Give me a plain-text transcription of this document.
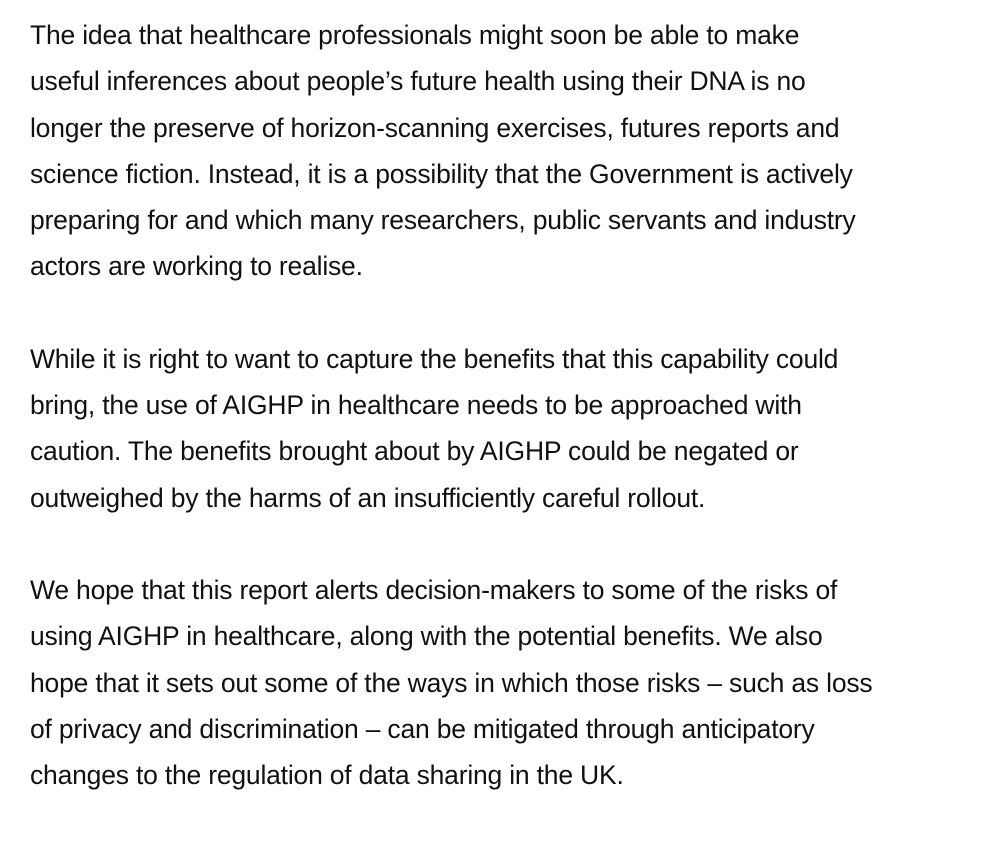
The idea that healthcare professionals might soon be able to make
useful inferences about people’s future health using their DNA is no
longer the preserve of horizon-scanning exercises, futures reports and
science fiction. Instead, it is a possibility that the Government is actively
preparing for and which many researchers, public servants and industry
actors are working to realise.

While it is right to want to capture the benefits that this capability could
bring, the use of AIGHP in healthcare needs to be approached with
caution. The benefits brought about by AIGHP could be negated or
outweighed by the harms of an insufficiently careful rollout.

We hope that this report alerts decision-makers to some of the risks of
using AIGHP in healthcare, along with the potential benefits. We also
hope that it sets out some of the ways in which those risks – such as loss
of privacy and discrimination – can be mitigated through anticipatory
changes to the regulation of data sharing in the UK.
